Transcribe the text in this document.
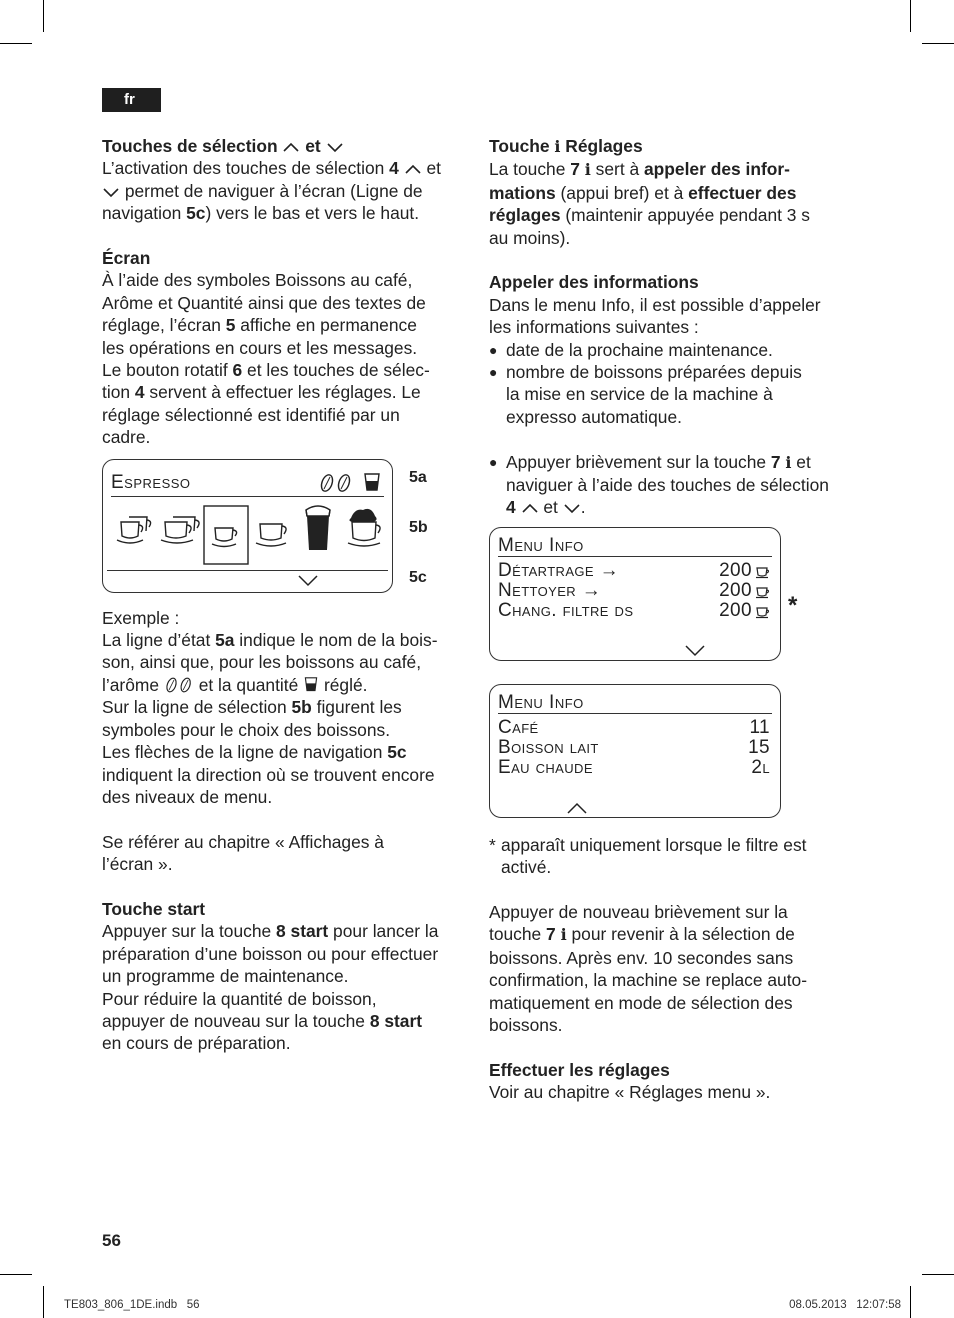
fr
Touches de sélection
et
L’activation des touches de sélection 4
et
permet de naviguer à l’écran (Ligne de
navigation 5c) vers le bas et vers le haut.
Écran
À l’aide des symboles Boissons au café,
Arôme et Quantité ainsi que des textes de
réglage, l’écran 5 affiche en permanence
les opérations en cours et les messages.
Le bouton rotatif 6 et les touches de sélec-
tion 4 servent à effectuer les réglages. Le
réglage sélectionné est identifié par un
cadre.
Espresso	5a
5b
5c
Exemple :
La ligne d’état 5a indique le nom de la bois-
son, ainsi que, pour les boissons au café,
l’arôme  et la quantité  réglé.
Sur la ligne de sélection 5b figurent les
symboles pour le choix des boissons.
Les flèches de la ligne de navigation 5c
indiquent la direction où se trouvent encore
des niveaux de menu.
Se référer au chapitre « Affichages à
l’écran ».
Touche start
Appuyer sur la touche 8 start pour lancer la
préparation d’une boisson ou pour effectuer
un programme de maintenance.
Pour réduire la quantité de boisson,
appuyer de nouveau sur la touche 8 start
en cours de préparation.
Touche i Réglages
La touche 7 i sert à appeler des infor-
mations (appui bref) et à effectuer des
réglages (maintenir appuyée pendant 3 s
au moins).
Appeler des informations
Dans le menu Info, il est possible d’appeler
les informations suivantes :
● date de la prochaine maintenance.
● nombre de boissons préparées depuis
la mise en service de la machine à
expresso automatique.
● Appuyer brièvement sur la touche 7 i et
naviguer à l’aide des touches de sélection
4
et
.
Menu Info
Détartrage →	200
Nettoyer →	200
Chang. filtre ds	200 *
Menu Info
Café	11
Boisson lait	15
Eau chaude	2l
* apparaît uniquement lorsque le filtre est
activé.
Appuyer de nouveau brièvement sur la
touche 7 i pour revenir à la sélection de
boissons. Après env. 10 secondes sans
confirmation, la machine se replace auto-
matiquement en mode de sélection des
boissons.
Effectuer les réglages
Voir au chapitre « Réglages menu ».
56
TE803_806_1DE.indb   56	08.05.2013   12:07:58
